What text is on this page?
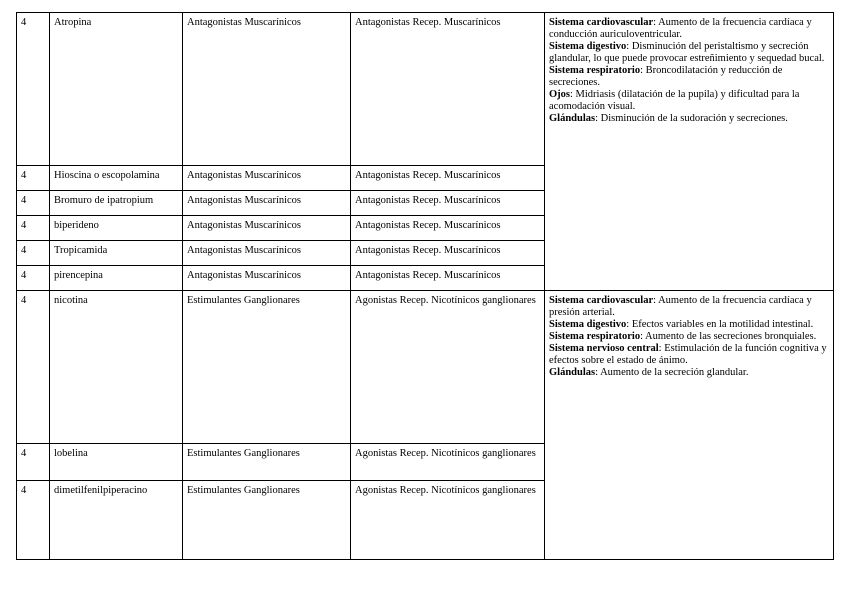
4	Atropina	Antagonistas Muscarínicos	Antagonistas Recep. Muscarínicos	Sistema cardiovascular: Aumento de la frecuencia cardíaca y conducción auriculoventricular.

Sistema digestivo: Disminución del peristaltismo y secreción glandular, lo que puede provocar estreñimiento y sequedad bucal.

Sistema respiratorio: Broncodilatación y reducción de secreciones.

Ojos: Midriasis (dilatación de la pupila) y dificultad para la acomodación visual.

Glándulas: Disminución de la sudoración y secreciones.

4	Hioscina o escopolamina	Antagonistas Muscarínicos	Antagonistas Recep. Muscarínicos	
4	Bromuro de ipatropium	Antagonistas Muscarínicos	Antagonistas Recep. Muscarínicos	
4	biperideno	Antagonistas Muscarínicos	Antagonistas Recep. Muscarínicos	
4	Tropicamida	Antagonistas Muscarínicos	Antagonistas Recep. Muscarínicos	
4	pirencepina	Antagonistas Muscarínicos	Antagonistas Recep. Muscarínicos	
4	nicotina	Estimulantes Ganglionares	Agonistas Recep. Nicotínicos ganglionares	Sistema cardiovascular: Aumento de la frecuencia cardíaca y presión arterial.

Sistema digestivo: Efectos variables en la motilidad intestinal.

Sistema respiratorio: Aumento de las secreciones bronquiales.

Sistema nervioso central: Estimulación de la función cognitiva y efectos sobre el estado de ánimo.

Glándulas: Aumento de la secreción glandular.

4	lobelina	Estimulantes Ganglionares	Agonistas Recep. Nicotínicos ganglionares	
4	dimetilfenilpiperacino	Estimulantes Ganglionares	Agonistas Recep. Nicotínicos ganglionares	
